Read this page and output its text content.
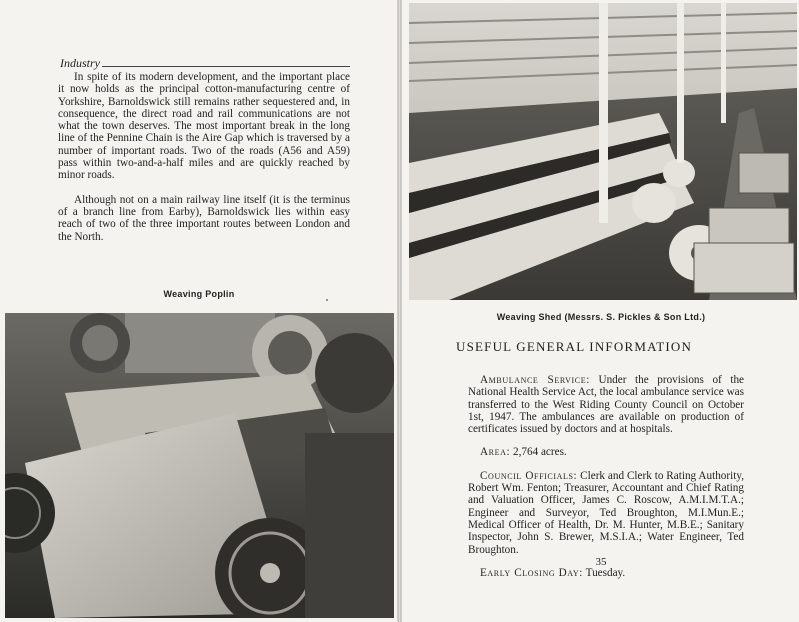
Industry

In spite of its modern development, and the important place it now holds as the principal cotton-manufacturing centre of Yorkshire, Barnoldswick still remains rather sequestered and, in consequence, the direct road and rail communications are not what the town deserves. The most important break in the long line of the Pennine Chain is the Aire Gap which is traversed by a number of important roads. Two of the roads (A56 and A59) pass within two-and-a-half miles and are quickly reached by minor roads.

Although not on a main railway line itself (it is the terminus of a branch line from Earby), Barnoldswick lies within easy reach of two of the three important routes between London and the North.

Weaving Poplin
Weaving Shed (Messrs. S. Pickles & Son Ltd.)
USEFUL GENERAL INFORMATION

Ambulance Service: Under the provisions of the National Health Service Act, the local ambulance service was transferred to the West Riding County Council on October 1st, 1947. The ambulances are available on production of certificates issued by doctors and at hospitals.

Area: 2,764 acres.

Council Officials: Clerk and Clerk to Rating Authority, Robert Wm. Fenton; Treasurer, Accountant and Chief Rating and Valuation Officer, James C. Roscow, A.M.I.M.T.A.; Engineer and Surveyor, Ted Broughton, M.I.Mun.E.; Medical Officer of Health, Dr. M. Hunter, M.B.E.; Sanitary Inspector, John S. Brewer, M.S.I.A.; Water Engineer, Ted Broughton.

Early Closing Day: Tuesday.

35
